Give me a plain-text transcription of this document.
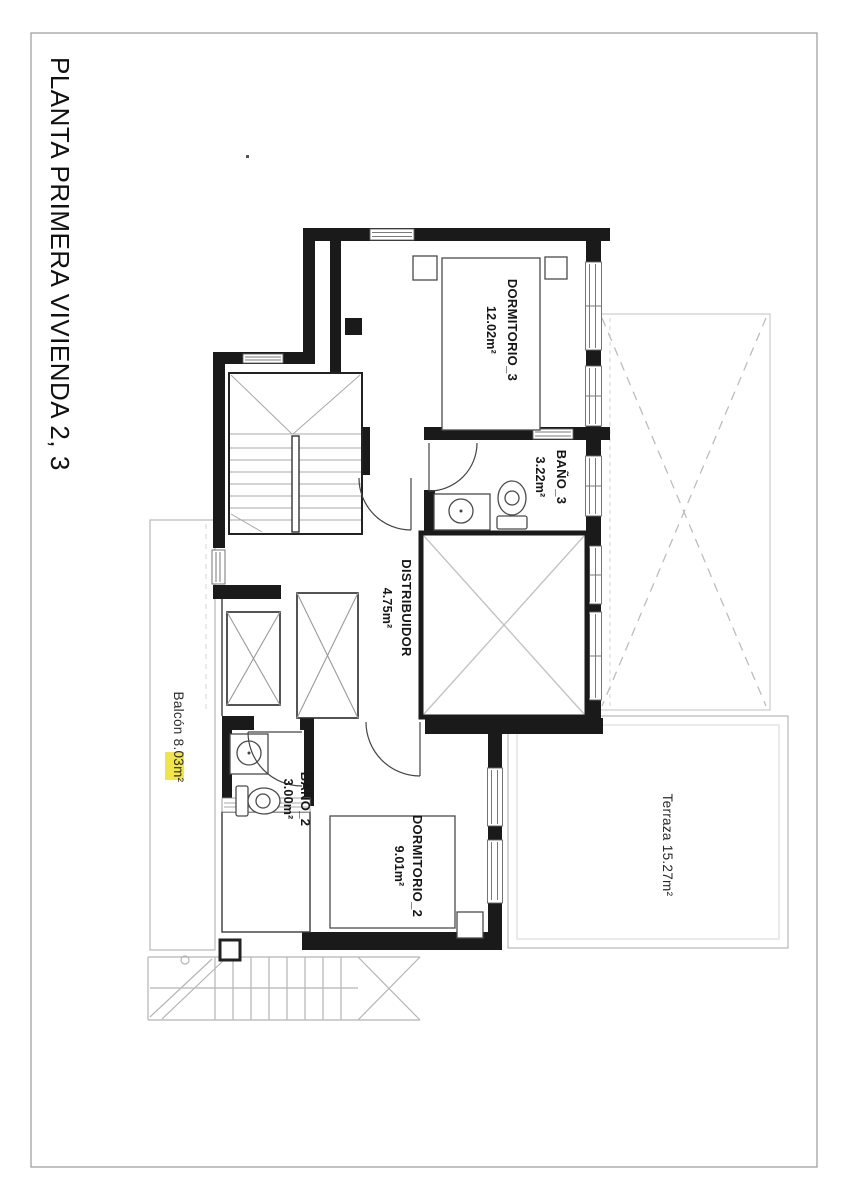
PLANTA PRIMERA VIVIENDA 2, 3	DORMITORIO_3
12.02m²
BAÑO_3
3.22m²
DISTRIBUIDOR
4.75m²
BAÑO_2
3.00m²
DORMITORIO_2
9.01m²
Balcón 8.03m²
Terraza 15.27m²
